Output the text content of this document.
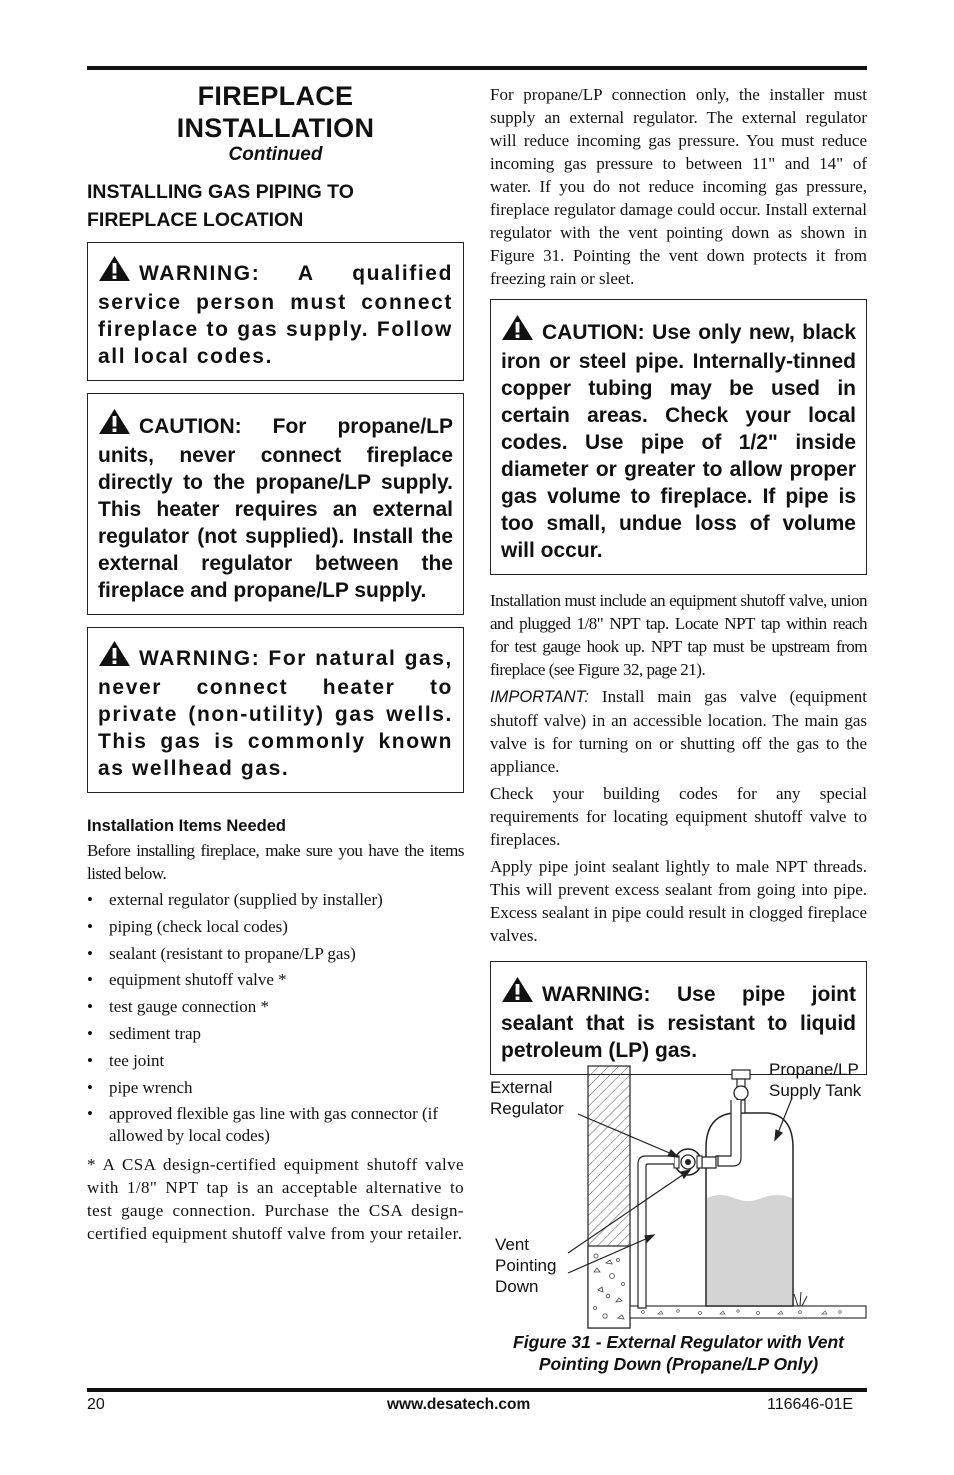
FIREPLACE
INSTALLATION
Continued
INSTALLING GAS PIPING TO
FIREPLACE LOCATION
WARNING: A qualified service person must connect fireplace to gas supply. Follow all local codes.
CAUTION: For propane/LP units, never connect fireplace directly to the propane/LP supply. This heater requires an external regulator (not supplied). Install the external regulator between the fireplace and propane/LP supply.
WARNING: For natural gas, never connect heater to private (non-utility) gas wells. This gas is commonly known as wellhead gas.
Installation Items Needed
Before installing fireplace, make sure you have the items listed below.
• external regulator (supplied by installer)
• piping (check local codes)
• sealant (resistant to propane/LP gas)
• equipment shutoff valve *
• test gauge connection *
• sediment trap
• tee joint
• pipe wrench
• approved flexible gas line with gas connector (if allowed by local codes)
* A CSA design-certified equipment shutoff valve with 1/8" NPT tap is an acceptable alternative to test gauge connection. Purchase the CSA design-certified equipment shutoff valve from your retailer.
For propane/LP connection only, the installer must supply an external regulator. The external regulator will reduce incoming gas pressure. You must reduce incoming gas pressure to between 11" and 14" of water. If you do not reduce incoming gas pressure, fireplace regulator damage could occur. Install external regulator with the vent pointing down as shown in Figure 31. Pointing the vent down protects it from freezing rain or sleet.
CAUTION: Use only new, black iron or steel pipe. Internally-tinned copper tubing may be used in certain areas. Check your local codes. Use pipe of 1/2" inside diameter or greater to allow proper gas volume to fireplace. If pipe is too small, undue loss of volume will occur.
Installation must include an equipment shutoff valve, union and plugged 1/8" NPT tap. Locate NPT tap within reach for test gauge hook up. NPT tap must be upstream from fireplace (see Figure 32, page 21).
IMPORTANT: Install main gas valve (equipment shutoff valve) in an accessible location. The main gas valve is for turning on or shutting off the gas to the appliance.
Check your building codes for any special requirements for locating equipment shutoff valve to fireplaces.
Apply pipe joint sealant lightly to male NPT threads. This will prevent excess sealant from going into pipe. Excess sealant in pipe could result in clogged fireplace valves.
WARNING: Use pipe joint sealant that is resistant to liquid petroleum (LP) gas.
External
Regulator
Propane/LP
Supply Tank
Vent
Pointing
Down
Figure 31 - External Regulator with Vent
Pointing Down (Propane/LP Only)
20	www.desatech.com	116646-01E
